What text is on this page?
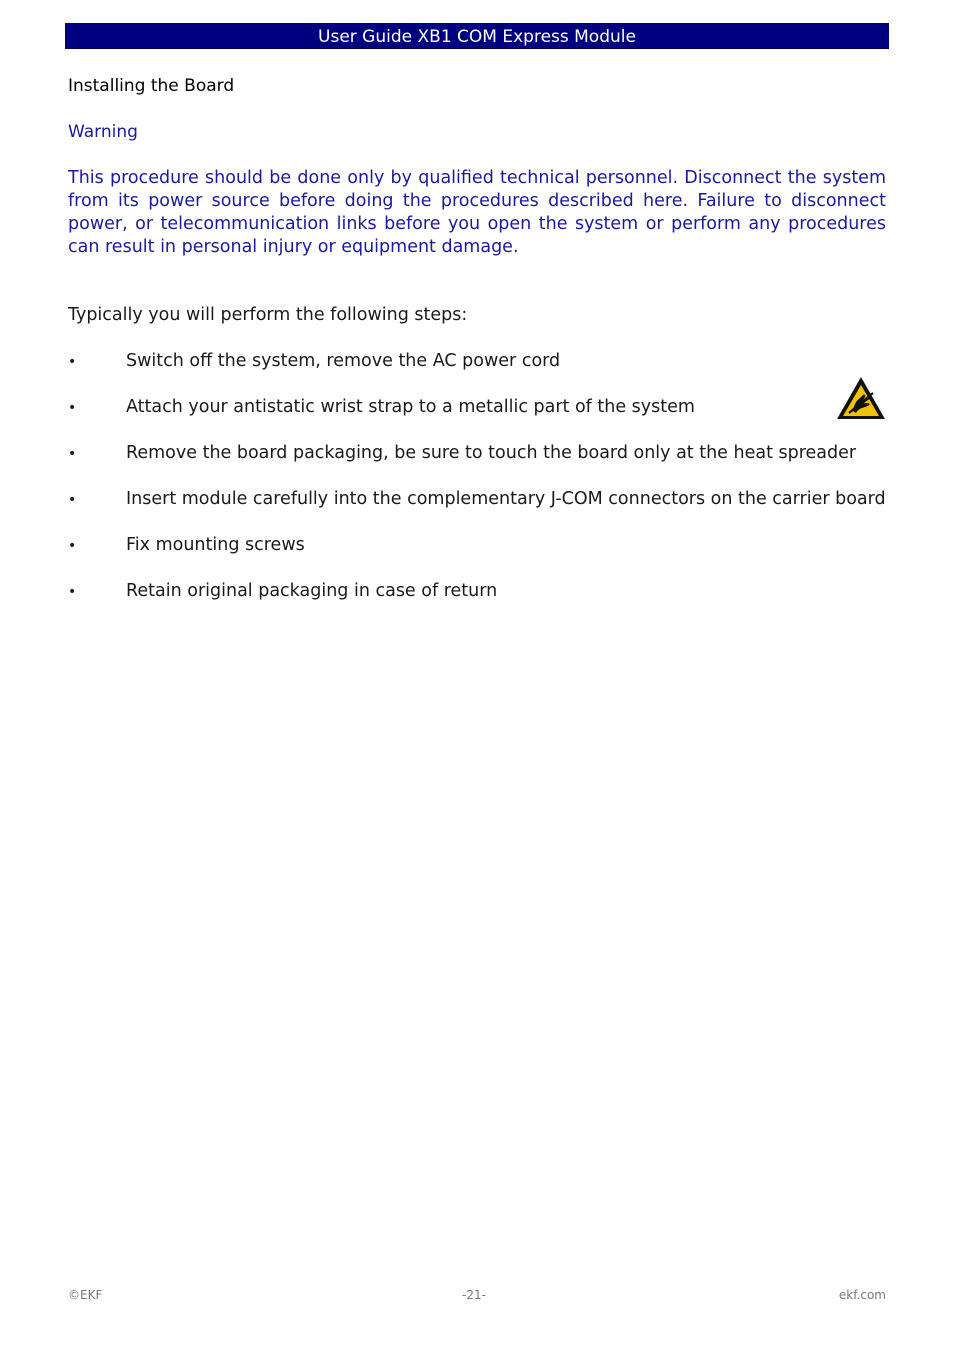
User Guide XB1 COM Express Module
Installing the Board
Warning

This procedure should be done only by qualified technical personnel. Disconnect the system from its power source before doing the procedures described here. Failure to disconnect power, or telecommunication links before you open the system or perform any procedures can result in personal injury or equipment damage.

Typically you will perform the following steps:
•	Switch off the system, remove the AC power cord
•	Attach your antistatic wrist strap to a metallic part of the system
•	Remove the board packaging, be sure to touch the board only at the heat spreader
•	Insert module carefully into the complementary J-COM connectors on the carrier board
•	Fix mounting screws
•	Retain original packaging in case of return
©EKF	-21-	ekf.com
